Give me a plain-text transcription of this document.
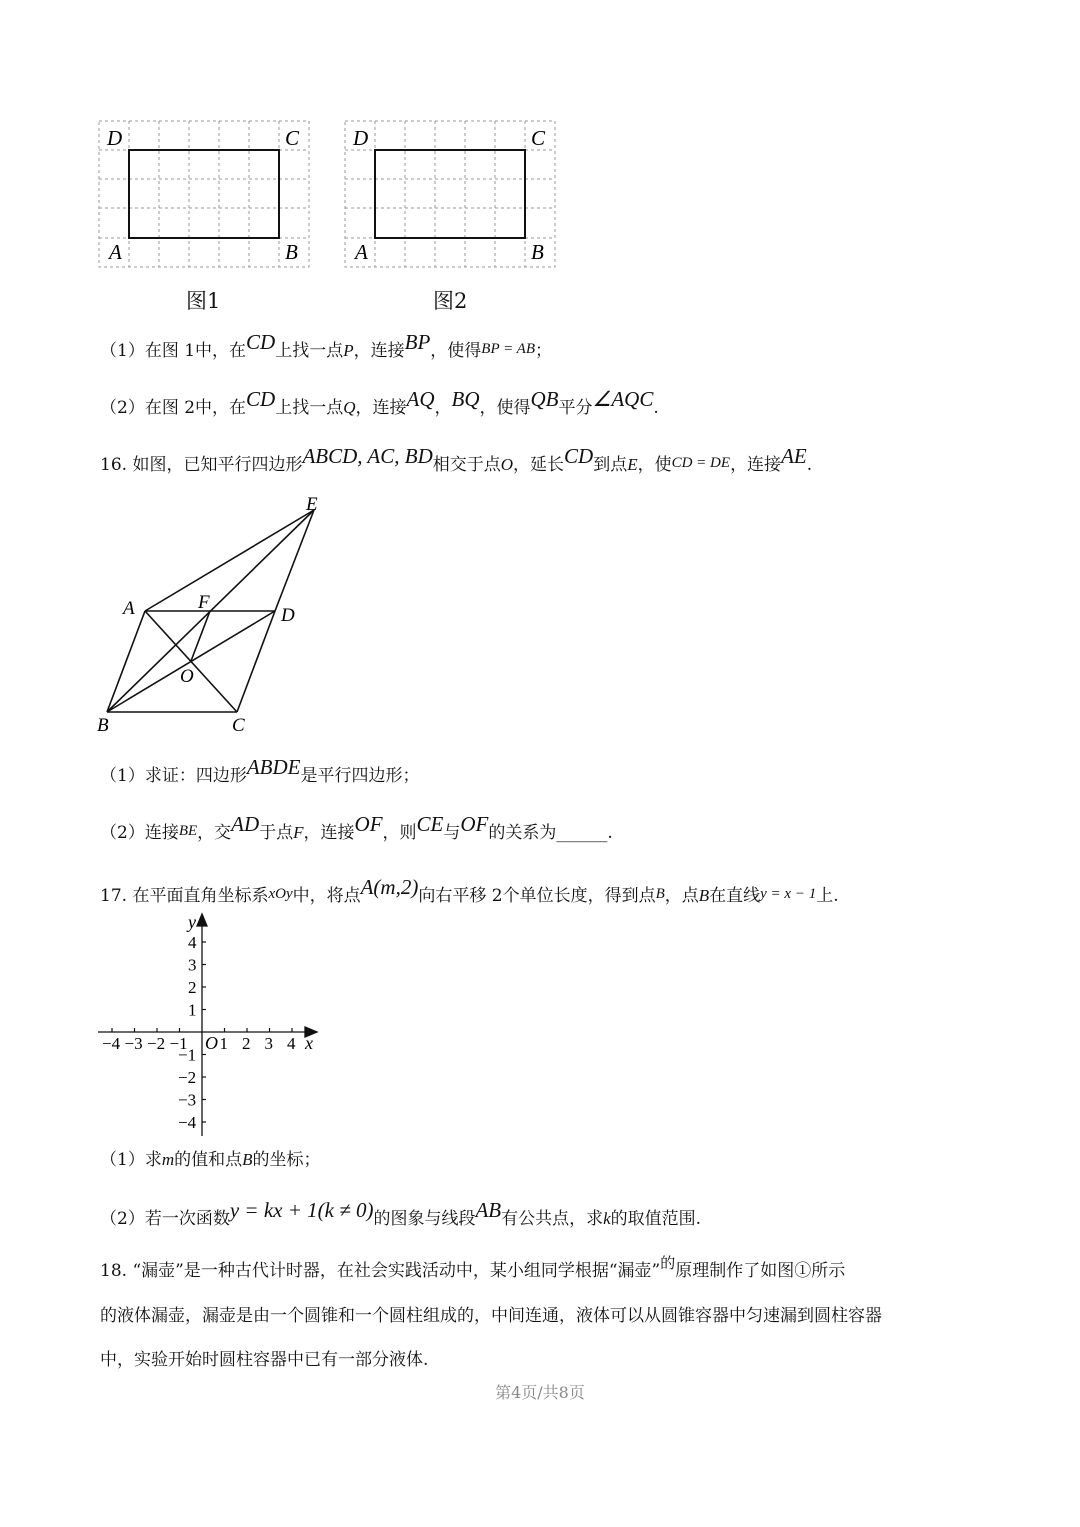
D	C
A	B
图1
D	C
A	B
图2
（1）在图 1中，在CD上找一点P，连接BP，使得BP = AB；
（2）在图 2中，在CD上找一点Q，连接AQ，BQ，使得QB平分∠AQC.
16. 如图，已知平行四边形ABCD, AC, BD相交于点O，延长CD到点E，使CD = DE，连接AE.
E
A	F
D
O
B	C
（1）求证：四边形ABDE是平行四边形；
（2）连接BE，交AD于点F，连接OF，则CE与OF的关系为______.
17. 在平面直角坐标系xOy中，将点A(m,2)向右平移 2个单位长度，得到点B，点B在直线y = x − 1上.
x
y
O
−4 −3 −2 −1 1 2 3 4
4
3
2
1
−1
−2
−3
−4
（1）求m的值和点B的坐标；
（2）若一次函数y = kx + 1(k ≠ 0)的图象与线段AB有公共点，求k的取值范围.
18. “漏壶”是一种古代计时器，在社会实践活动中，某小组同学根据“漏壶”的原理制作了如图①所示
的液体漏壶，漏壶是由一个圆锥和一个圆柱组成的，中间连通，液体可以从圆锥容器中匀速漏到圆柱容器
中，实验开始时圆柱容器中已有一部分液体.
第4页/共8页
